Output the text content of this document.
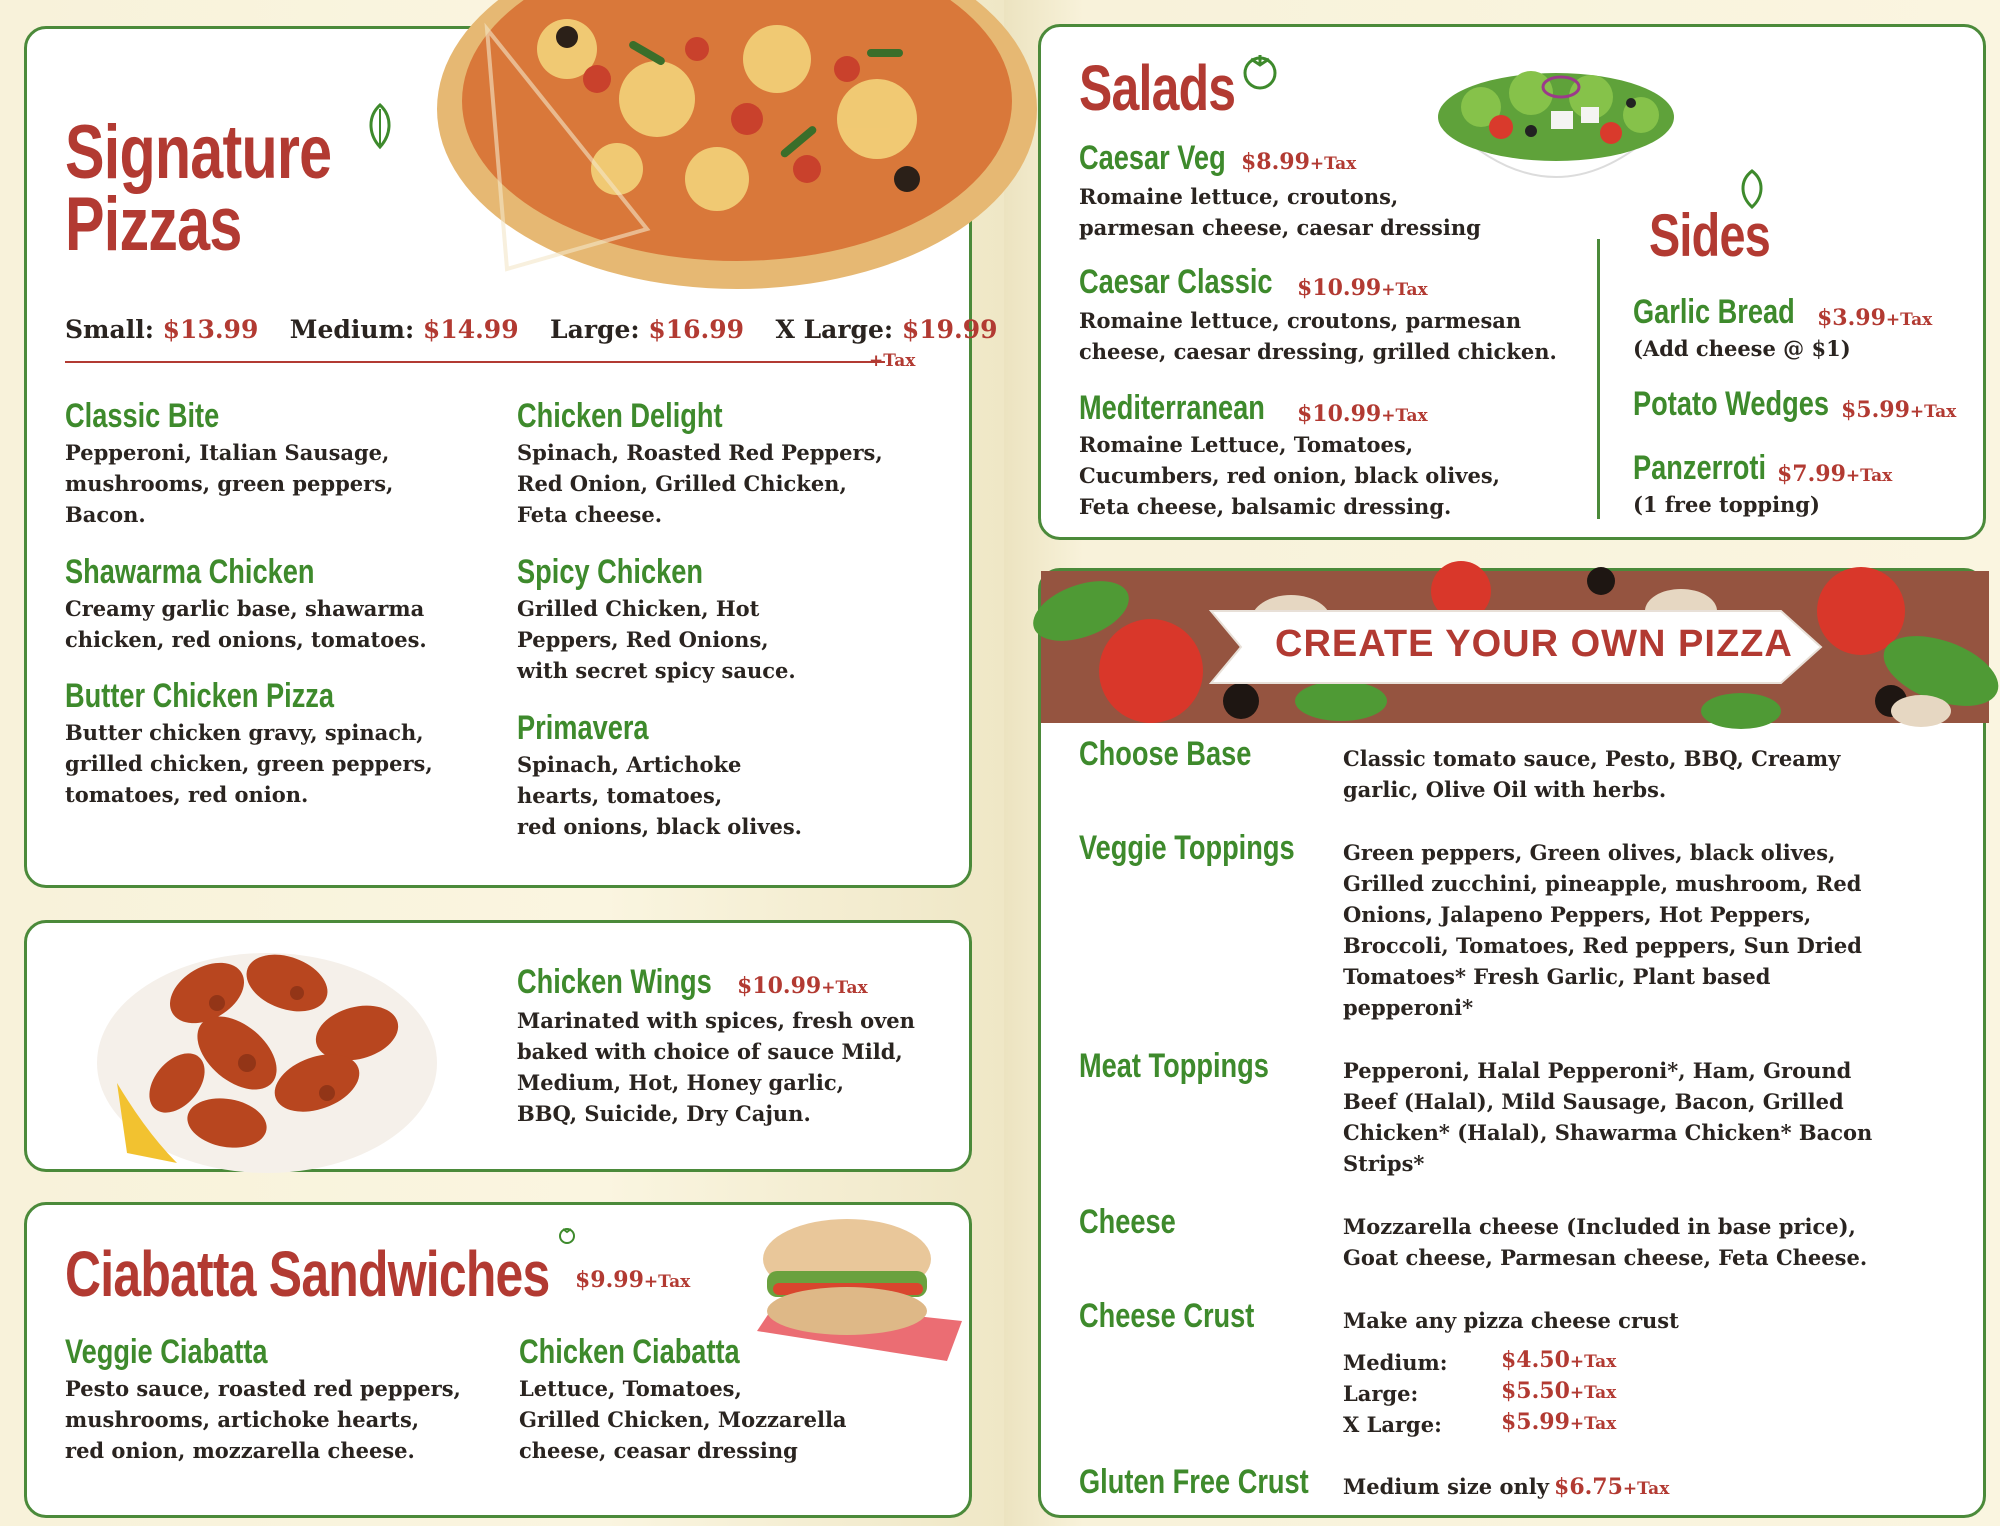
Signature
Pizzas
Small: $13.99 Medium: $14.99 Large: $16.99 X Large: $19.99
+Tax
Classic Bite
Pepperoni, Italian Sausage,
mushrooms, green peppers,
Bacon.
Shawarma Chicken
Creamy garlic base, shawarma
chicken, red onions, tomatoes.
Butter Chicken Pizza
Butter chicken gravy, spinach,
grilled chicken, green peppers,
tomatoes, red onion.
Chicken Delight
Spinach, Roasted Red Peppers,
Red Onion, Grilled Chicken,
Feta cheese.
Spicy Chicken
Grilled Chicken, Hot
Peppers, Red Onions,
with secret spicy sauce.
Primavera
Spinach, Artichoke
hearts, tomatoes,
red onions, black olives.
Chicken Wings	$10.99+Tax
Marinated with spices, fresh oven
baked with choice of sauce Mild,
Medium, Hot, Honey garlic,
BBQ, Suicide, Dry Cajun.
Ciabatta Sandwiches $9.99+Tax
Veggie Ciabatta
Pesto sauce, roasted red peppers,
mushrooms, artichoke hearts,
red onion, mozzarella cheese.
Chicken Ciabatta
Lettuce, Tomatoes,
Grilled Chicken, Mozzarella
cheese, ceasar dressing
Salads
Caesar Veg $8.99+Tax
Romaine lettuce, croutons,
parmesan cheese, caesar dressing
Caesar Classic $10.99+Tax
Romaine lettuce, croutons, parmesan
cheese, caesar dressing, grilled chicken.
Mediterranean $10.99+Tax
Romaine Lettuce, Tomatoes,
Cucumbers, red onion, black olives,
Feta cheese, balsamic dressing.
Sides
Garlic Bread $3.99+Tax
(Add cheese @ $1)
Potato Wedges $5.99+Tax
Panzerroti $7.99+Tax
(1 free topping)
CREATE YOUR OWN PIZZA
Choose Base	Classic tomato sauce, Pesto, BBQ, Creamy
garlic, Olive Oil with herbs.
Veggie Toppings Green peppers, Green olives, black olives,
Grilled zucchini, pineapple, mushroom, Red
Onions, Jalapeno Peppers, Hot Peppers,
Broccoli, Tomatoes, Red peppers, Sun Dried
Tomatoes* Fresh Garlic, Plant based
pepperoni*
Meat Toppings	Pepperoni, Halal Pepperoni*, Ham, Ground
Beef (Halal), Mild Sausage, Bacon, Grilled
Chicken* (Halal), Shawarma Chicken* Bacon
Strips*
Cheese	Mozzarella cheese (Included in base price),
Goat cheese, Parmesan cheese, Feta Cheese.
Cheese Crust	Make any pizza cheese crust
Medium: $4.50+Tax
Large:	$5.50+Tax
X Large:	$5.99+Tax
Gluten Free Crust Medium size only $6.75+Tax
